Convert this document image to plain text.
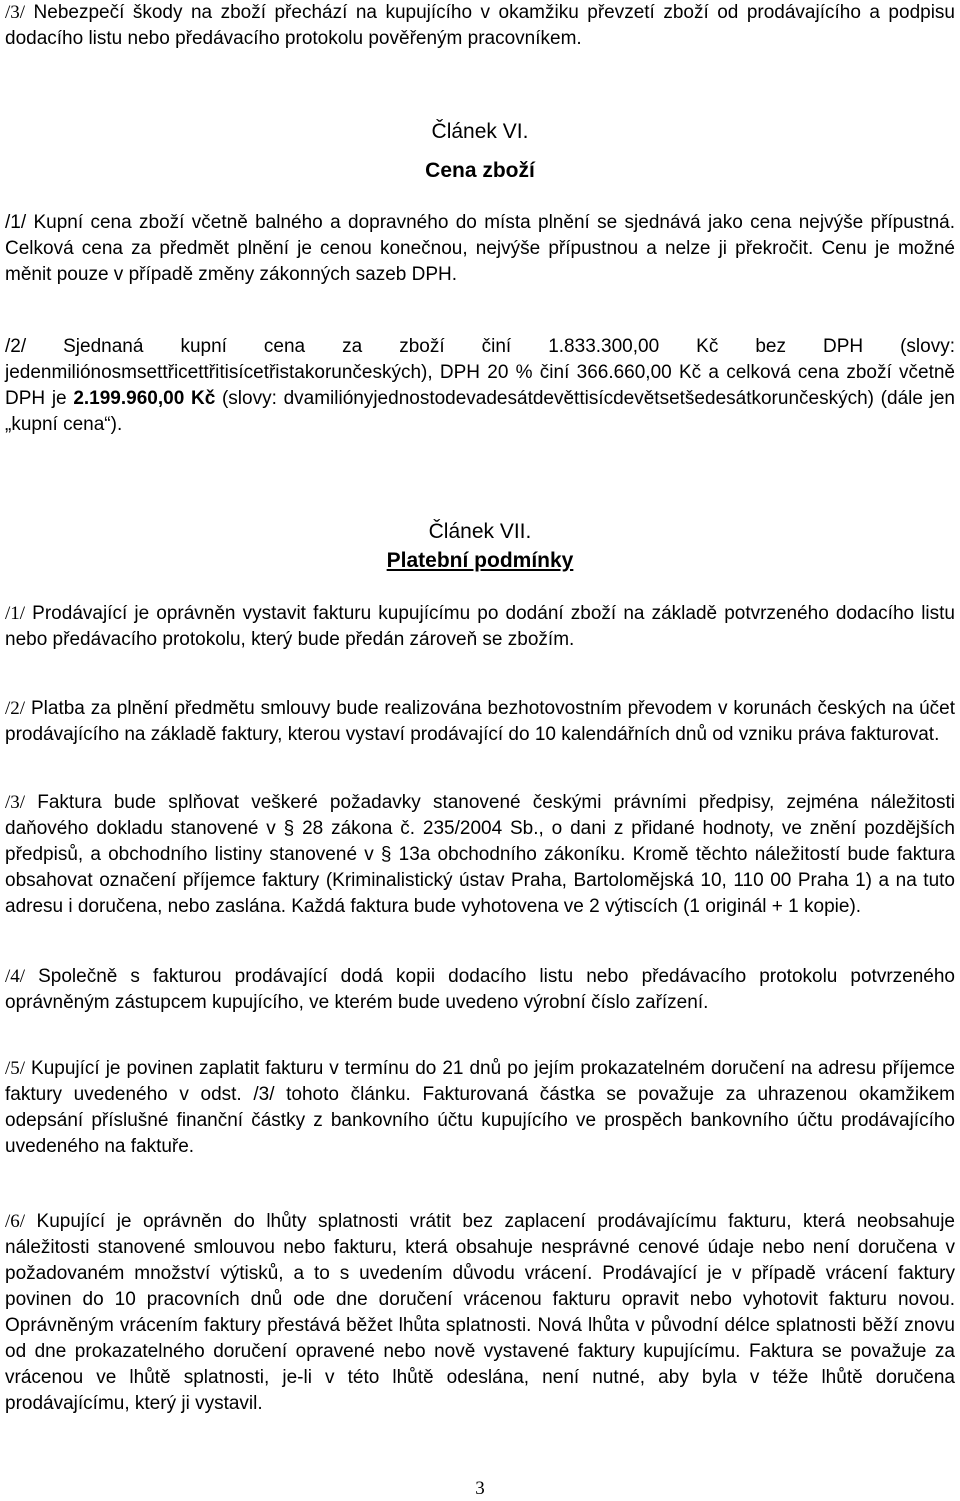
/3/ Nebezpečí škody na zboží přechází na kupujícího v okamžiku převzetí zboží od prodávajícího a podpisu dodacího listu nebo předávacího protokolu pověřeným pracovníkem.

Článek VI.

Cena zboží

/1/ Kupní cena zboží včetně balného a dopravného do místa plnění se sjednává jako cena nejvýše přípustná. Celková cena za předmět plnění je cenou konečnou, nejvýše přípustnou a nelze ji překročit. Cenu je možné měnit pouze v případě změny zákonných sazeb DPH.

/2/ Sjednaná kupní cena za zboží činí 1.833.300,00 Kč bez DPH (slovy: jedenmiliónosmsettřicettřitisícetřistakorunčeských), DPH 20 % činí 366.660,00 Kč a celková cena zboží včetně DPH je 2.199.960,00 Kč (slovy: dvamiliónyjednostodevadesátdevěttisícdevětsetšedesátkorunčeských) (dále jen „kupní cena“).

Článek VII.

Platební podmínky

/1/ Prodávající je oprávněn vystavit fakturu kupujícímu po dodání zboží na základě potvrzeného dodacího listu nebo předávacího protokolu, který bude předán zároveň se zbožím.

/2/ Platba za plnění předmětu smlouvy bude realizována bezhotovostním převodem v korunách českých na účet prodávajícího na základě faktury, kterou vystaví prodávající do 10 kalendářních dnů od vzniku práva fakturovat.

/3/ Faktura bude splňovat veškeré požadavky stanovené českými právními předpisy, zejména náležitosti daňového dokladu stanovené v § 28 zákona č. 235/2004 Sb., o dani z přidané hodnoty, ve znění pozdějších předpisů, a obchodního listiny stanovené v § 13a obchodního zákoníku. Kromě těchto náležitostí bude faktura obsahovat označení příjemce faktury (Kriminalistický ústav Praha, Bartolomějská 10, 110 00 Praha 1) a na tuto adresu i doručena, nebo zaslána. Každá faktura bude vyhotovena ve 2 výtiscích (1 originál + 1 kopie).

/4/ Společně s fakturou prodávající dodá kopii dodacího listu nebo předávacího protokolu potvrzeného oprávněným zástupcem kupujícího, ve kterém bude uvedeno výrobní číslo zařízení.

/5/ Kupující je povinen zaplatit fakturu v termínu do 21 dnů po jejím prokazatelném doručení na adresu příjemce faktury uvedeného v odst. /3/ tohoto článku. Fakturovaná částka se považuje za uhrazenou okamžikem odepsání příslušné finanční částky z bankovního účtu kupujícího ve prospěch bankovního účtu prodávajícího uvedeného na faktuře.

/6/ Kupující je oprávněn do lhůty splatnosti vrátit bez zaplacení prodávajícímu fakturu, která neobsahuje náležitosti stanovené smlouvou nebo fakturu, která obsahuje nesprávné cenové údaje nebo není doručena v požadovaném množství výtisků, a to s uvedením důvodu vrácení. Prodávající je v případě vrácení faktury povinen do 10 pracovních dnů ode dne doručení vrácenou fakturu opravit nebo vyhotovit fakturu novou. Oprávněným vrácením faktury přestává běžet lhůta splatnosti. Nová lhůta v původní délce splatnosti běží znovu od dne prokazatelného doručení opravené nebo nově vystavené faktury kupujícímu. Faktura se považuje za vrácenou ve lhůtě splatnosti, je-li v této lhůtě odeslána, není nutné, aby byla v téže lhůtě doručena prodávajícímu, který ji vystavil.

3
